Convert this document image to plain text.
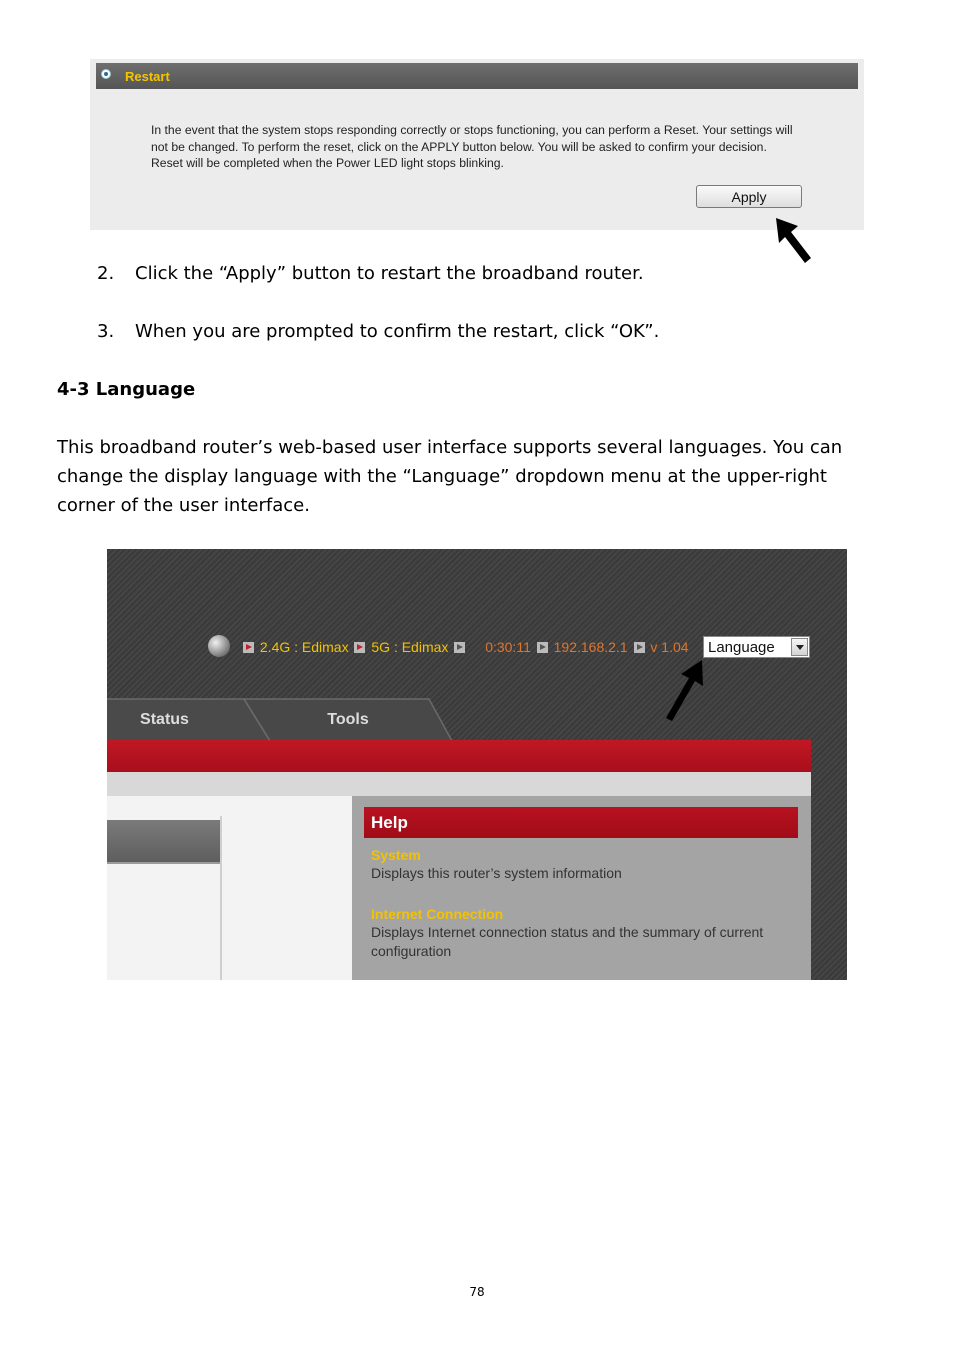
Restart
In the event that the system stops responding correctly or stops functioning, you can perform a Reset. Your settings will not be changed. To perform the reset, click on the APPLY button below. You will be asked to confirm your decision. Reset will be completed when the Power LED light stops blinking.
Apply
2. Click the “Apply” button to restart the broadband router.
3. When you are prompted to confirm the restart, click “OK”.
4-3 Language
This broadband router’s web-based user interface supports several languages. You can change the display language with the “Language” dropdown menu at the upper-right corner of the user interface.
2.4G : Edimax 5G : Edimax	0:30:11 192.168.2.1 v 1.04 Language
Status	Tools
Help
System
Displays this router’s system information
Internet Connection
Displays Internet connection status and the summary of current configuration
78
